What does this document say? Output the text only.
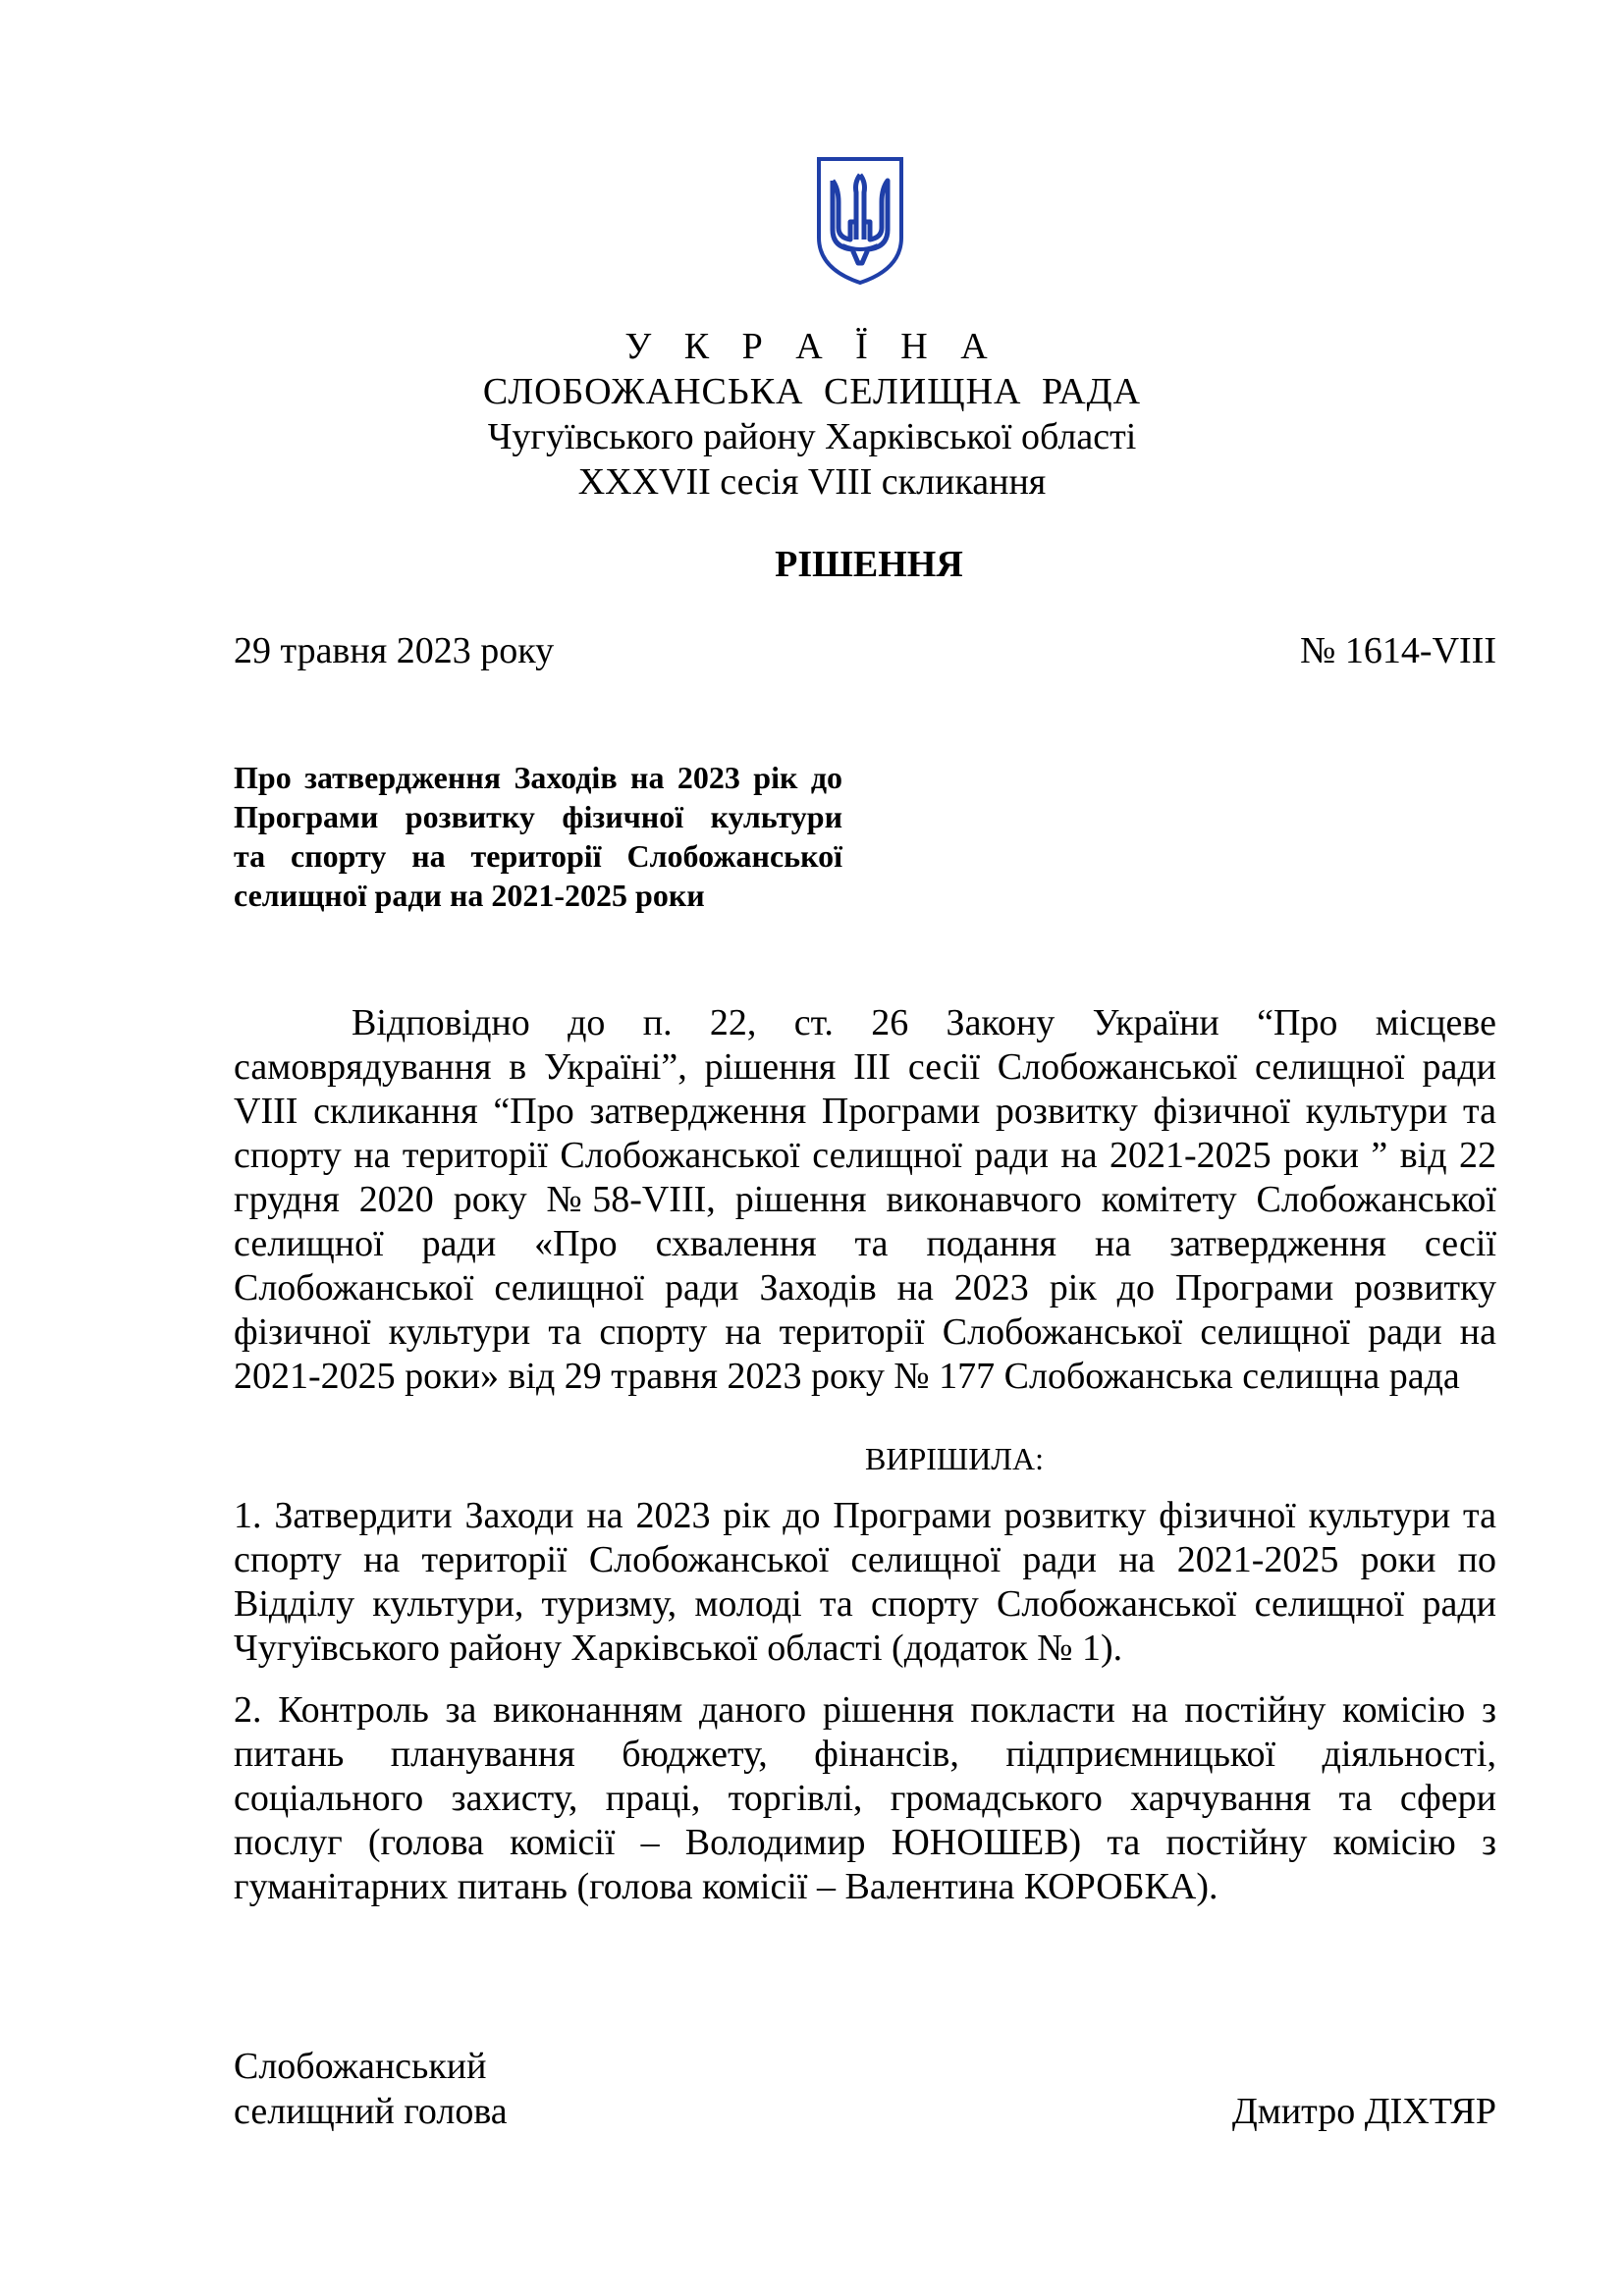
У К Р А Ї Н А
СЛОБОЖАНСЬКА СЕЛИЩНА РАДА
Чугуївського району Харківської області
XXXVII сесія VIII скликання
РІШЕННЯ
29 травня 2023 року	№ 1614-VIII
Про затвердження Заходів на 2023 рік до
Програми розвитку фізичної культури
та спорту на території Слобожанської
селищної ради на 2021-2025 роки
Відповідно до п. 22, ст. 26 Закону України “Про місцеве
самоврядування в Україні”, рішення ІІІ сесії Слобожанської селищної ради
VIII скликання “Про затвердження Програми розвитку фізичної культури та
спорту на території Слобожанської селищної ради на 2021-2025 роки ” від 22
грудня 2020 року №58-VIII, рішення виконавчого комітету Слобожанської
селищної ради «Про схвалення та подання на затвердження сесії
Слобожанської селищної ради Заходів на 2023 рік до Програми розвитку
фізичної культури та спорту на території Слобожанської селищної ради на
2021-2025 роки» від 29 травня 2023 року № 177 Слобожанська селищна рада
ВИРІШИЛА:
1. Затвердити Заходи на 2023 рік до Програми розвитку фізичної культури та
спорту на території Слобожанської селищної ради на 2021-2025 роки по
Відділу культури, туризму, молоді та спорту Слобожанської селищної ради
Чугуївського району Харківської області (додаток № 1).
2. Контроль за виконанням даного рішення покласти на постійну комісію з
питань планування бюджету, фінансів, підприємницької діяльності,
соціального захисту, праці, торгівлі, громадського харчування та сфери
послуг (голова комісії – Володимир ЮНОШЕВ) та постійну комісію з
гуманітарних питань (голова комісії – Валентина КОРОБКА).
Слобожанський
селищний голова	Дмитро ДІХТЯР
